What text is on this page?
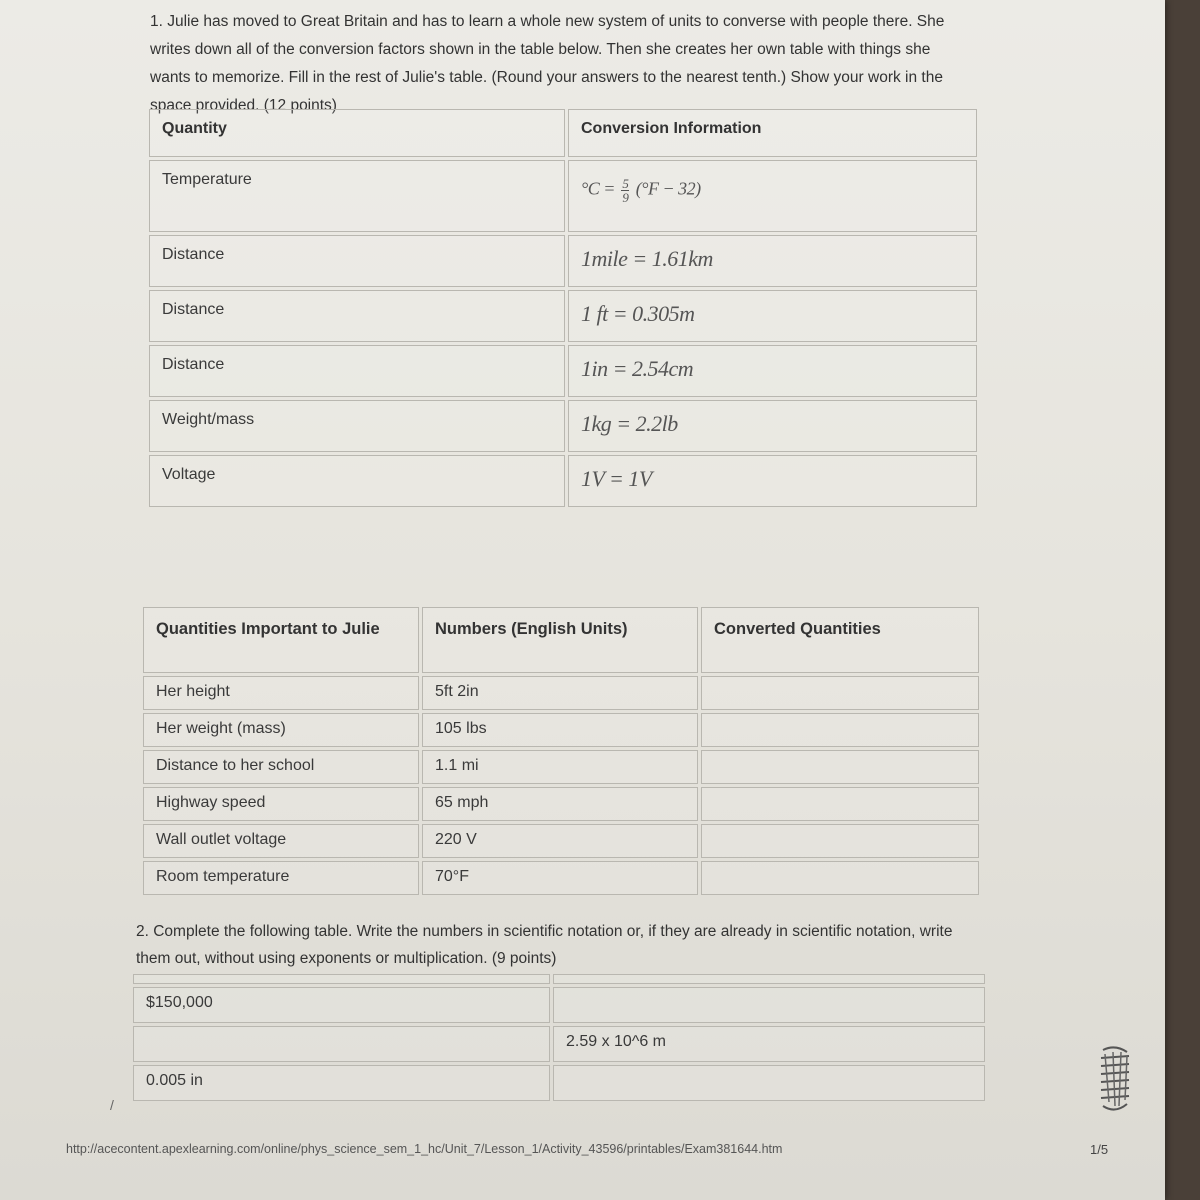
1. Julie has moved to Great Britain and has to learn a whole new system of units to converse with people there. She writes down all of the conversion factors shown in the table below. Then she creates her own table with things she wants to memorize. Fill in the rest of Julie's table. (Round your answers to the nearest tenth.) Show your work in the space provided. (12 points)
Quantity	Conversion Information
Temperature	$^\circ C = \frac{5}{9} (^\circ F - 32)$
Distance	1mile = 1.61km
Distance	1 ft = 0.305m
Distance	1in = 2.54cm
Weight/mass	1kg = 2.2lb
Voltage	1V = 1V
Quantities Important to Julie	Numbers (English Units)	Converted Quantities
Her height	5ft 2in	
Her weight (mass)	105 lbs	
Distance to her school	1.1 mi	
Highway speed	65 mph	
Wall outlet voltage	220 V	
Room temperature	70°F	
2. Complete the following table. Write the numbers in scientific notation or, if they are already in scientific notation, write them out, without using exponents or multiplication. (9 points)

$150,000	
	2.59 x 10^6 m
0.005 in	
/
http://acecontent.apexlearning.com/online/phys_science_sem_1_hc/Unit_7/Lesson_1/Activity_43596/printables/Exam381644.htm	1/5
